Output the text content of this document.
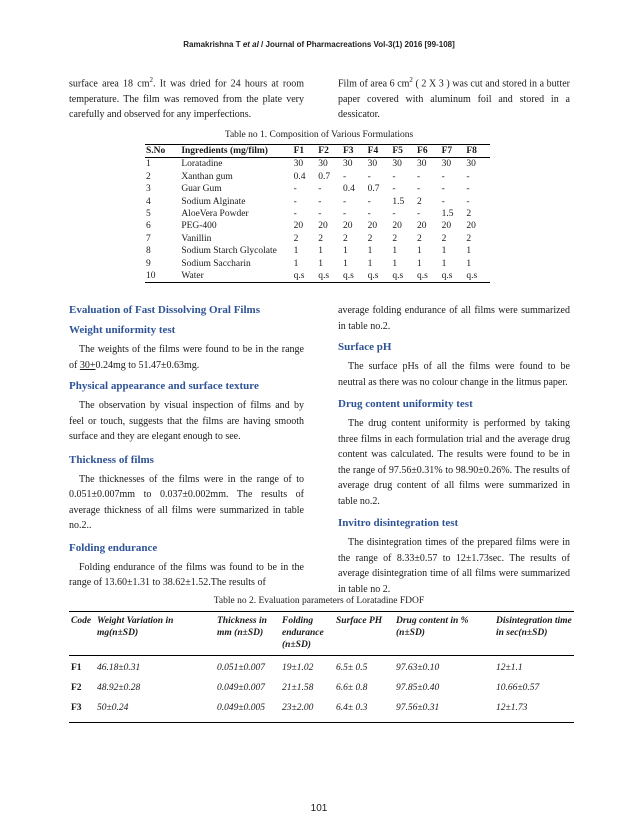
Ramakrishna T et al / Journal of Pharmacreations Vol-3(1) 2016 [99-108]

surface area 18 $cm^2$. It was dried for 24 hours at room temperature. The film was removed from the plate very carefully and observed for any imperfections.

Film of area 6 $cm^2$ ( 2 X 3 ) was cut and stored in a butter paper covered with aluminum foil and stored in a dessicator.

Table no 1. Composition of Various Formulations
S.No	Ingredients (mg/film)	F1	F2	F3	F4	F5	F6	F7	F8
1	Loratadine	30	30	30	30	30	30	30	30
2	Xanthan gum	0.4	0.7	-	-	-	-	-	-
3	Guar Gum	-	-	0.4	0.7	-	-	-	-
4	Sodium Alginate	-	-	-	-	1.5	2	-	-
5	AloeVera Powder	-	-	-	-	-	-	1.5	2
6	PEG-400	20	20	20	20	20	20	20	20
7	Vanillin	2	2	2	2	2	2	2	2
8	Sodium Starch Glycolate	1	1	1	1	1	1	1	1
9	Sodium Saccharin	1	1	1	1	1	1	1	1
10	Water	q.s	q.s	q.s	q.s	q.s	q.s	q.s	q.s

Evaluation of Fast Dissolving Oral Films

Weight uniformity test

The weights of the films were found to be in the range of 30+0.24mg to 51.47±0.63mg.

Physical appearance and surface texture

The observation by visual inspection of films and by feel or touch, suggests that the films are having smooth surface and they are elegant enough to see.

Thickness of films

The thicknesses of the films were in the range of to 0.051±0.007mm to 0.037±0.002mm. The results of average thickness of all films were summarized in table no.2..

Folding endurance

Folding endurance of the films was found to be in the range of 13.60±1.31 to 38.62±1.52.The results of

average folding endurance of all films were summarized in table no.2.

Surface pH

The surface pHs of all the films were found to be neutral as there was no colour change in the litmus paper.

Drug content uniformity test

The drug content uniformity is performed by taking three films in each formulation trial and the average drug content was calculated. The results were found to be in the range of 97.56±0.31% to 98.90±0.26%. The results of average drug content of all films were summarized in table no.2.

Invitro disintegration test

The disintegration times of the prepared films were in the range of 8.33±0.57 to 12±1.73sec. The results of average disintegration time of all films were summarized in table no 2.

Table no 2. Evaluation parameters of Loratadine FDOF
Code	Weight Variation in mg(n±SD)	Thickness in mm (n±SD)	Folding endurance (n±SD)	Surface PH	Drug content in %(n±SD)	Disintegration time in sec(n±SD)
F1	46.18±0.31	0.051±0.007	19±1.02	6.5± 0.5	97.63±0.10	12±1.1
F2	48.92±0.28	0.049±0.007	21±1.58	6.6± 0.8	97.85±0.40	10.66±0.57
F3	50±0.24	0.049±0.005	23±2.00	6.4± 0.3	97.56±0.31	12±1.73
101
